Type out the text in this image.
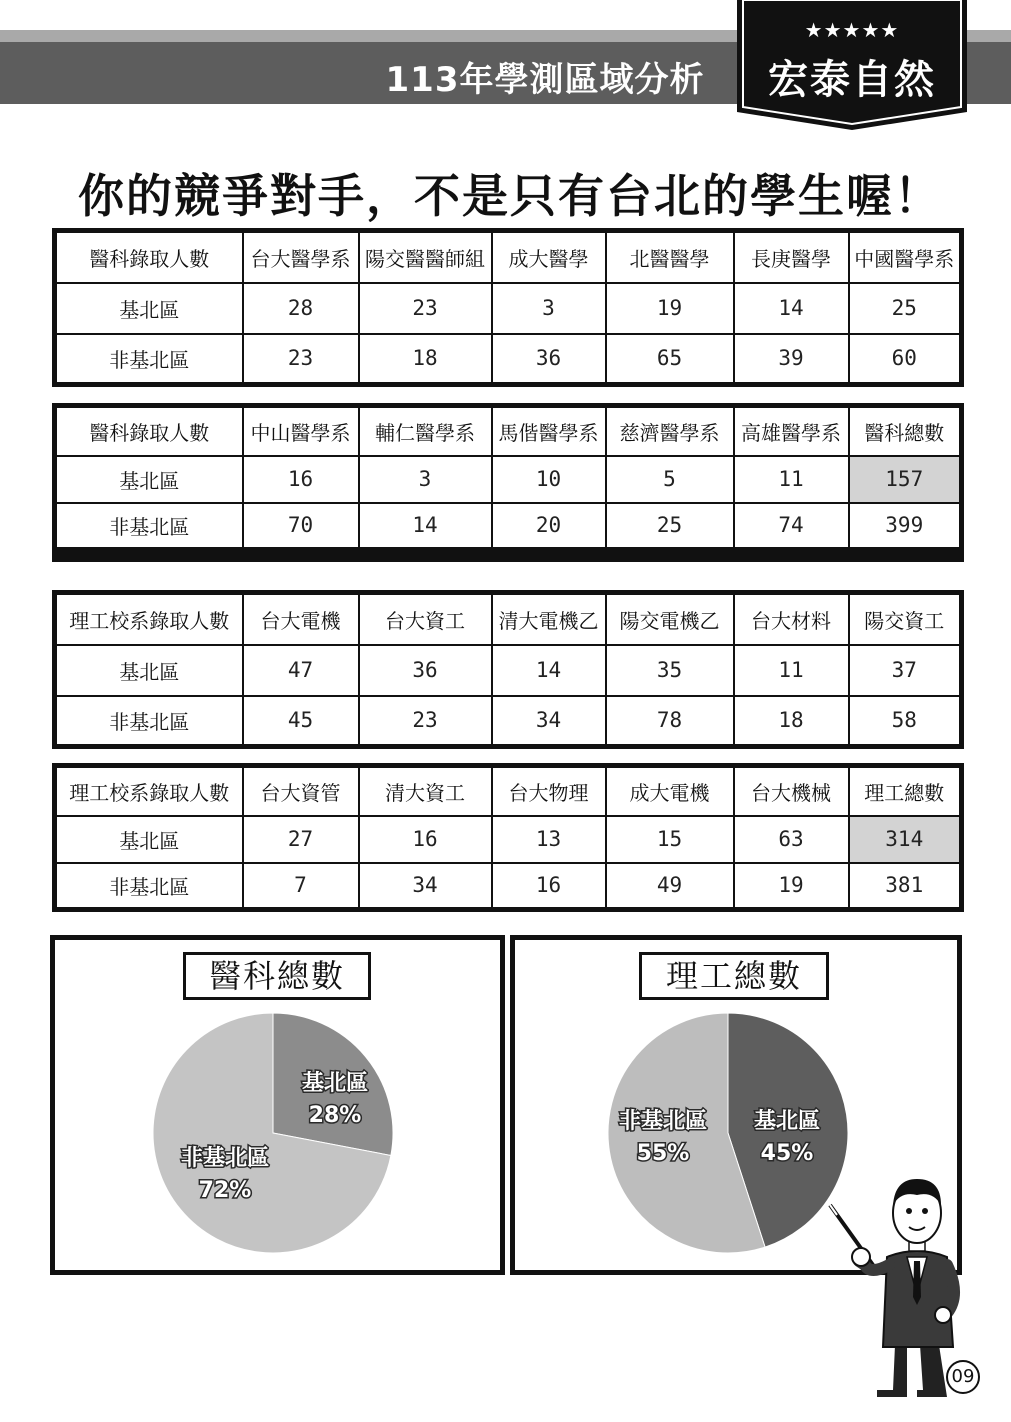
113年學測區域分析
★★★★★
宏泰自然
你的競爭對手，不是只有台北的學生喔！
醫科錄取人數	台大醫學系	陽交醫醫師組	成大醫學	北醫醫學	長庚醫學	中國醫學系
基北區	28	23	3	19	14	25
非基北區	23	18	36	65	39	60
醫科錄取人數	中山醫學系	輔仁醫學系	馬偕醫學系	慈濟醫學系	高雄醫學系	醫科總數
基北區	16	3	10	5	11	157
非基北區	70	14	20	25	74	399
理工校系錄取人數	台大電機	台大資工	清大電機乙	陽交電機乙	台大材料	陽交資工
基北區	47	36	14	35	11	37
非基北區	45	23	34	78	18	58
理工校系錄取人數	台大資管	清大資工	台大物理	成大電機	台大機械	理工總數
基北區	27	16	13	15	63	314
非基北區	7	34	16	49	19	381
醫科總數
基北區
28%
非基北區
72%
理工總數
基北區
45%
非基北區
55%
09
